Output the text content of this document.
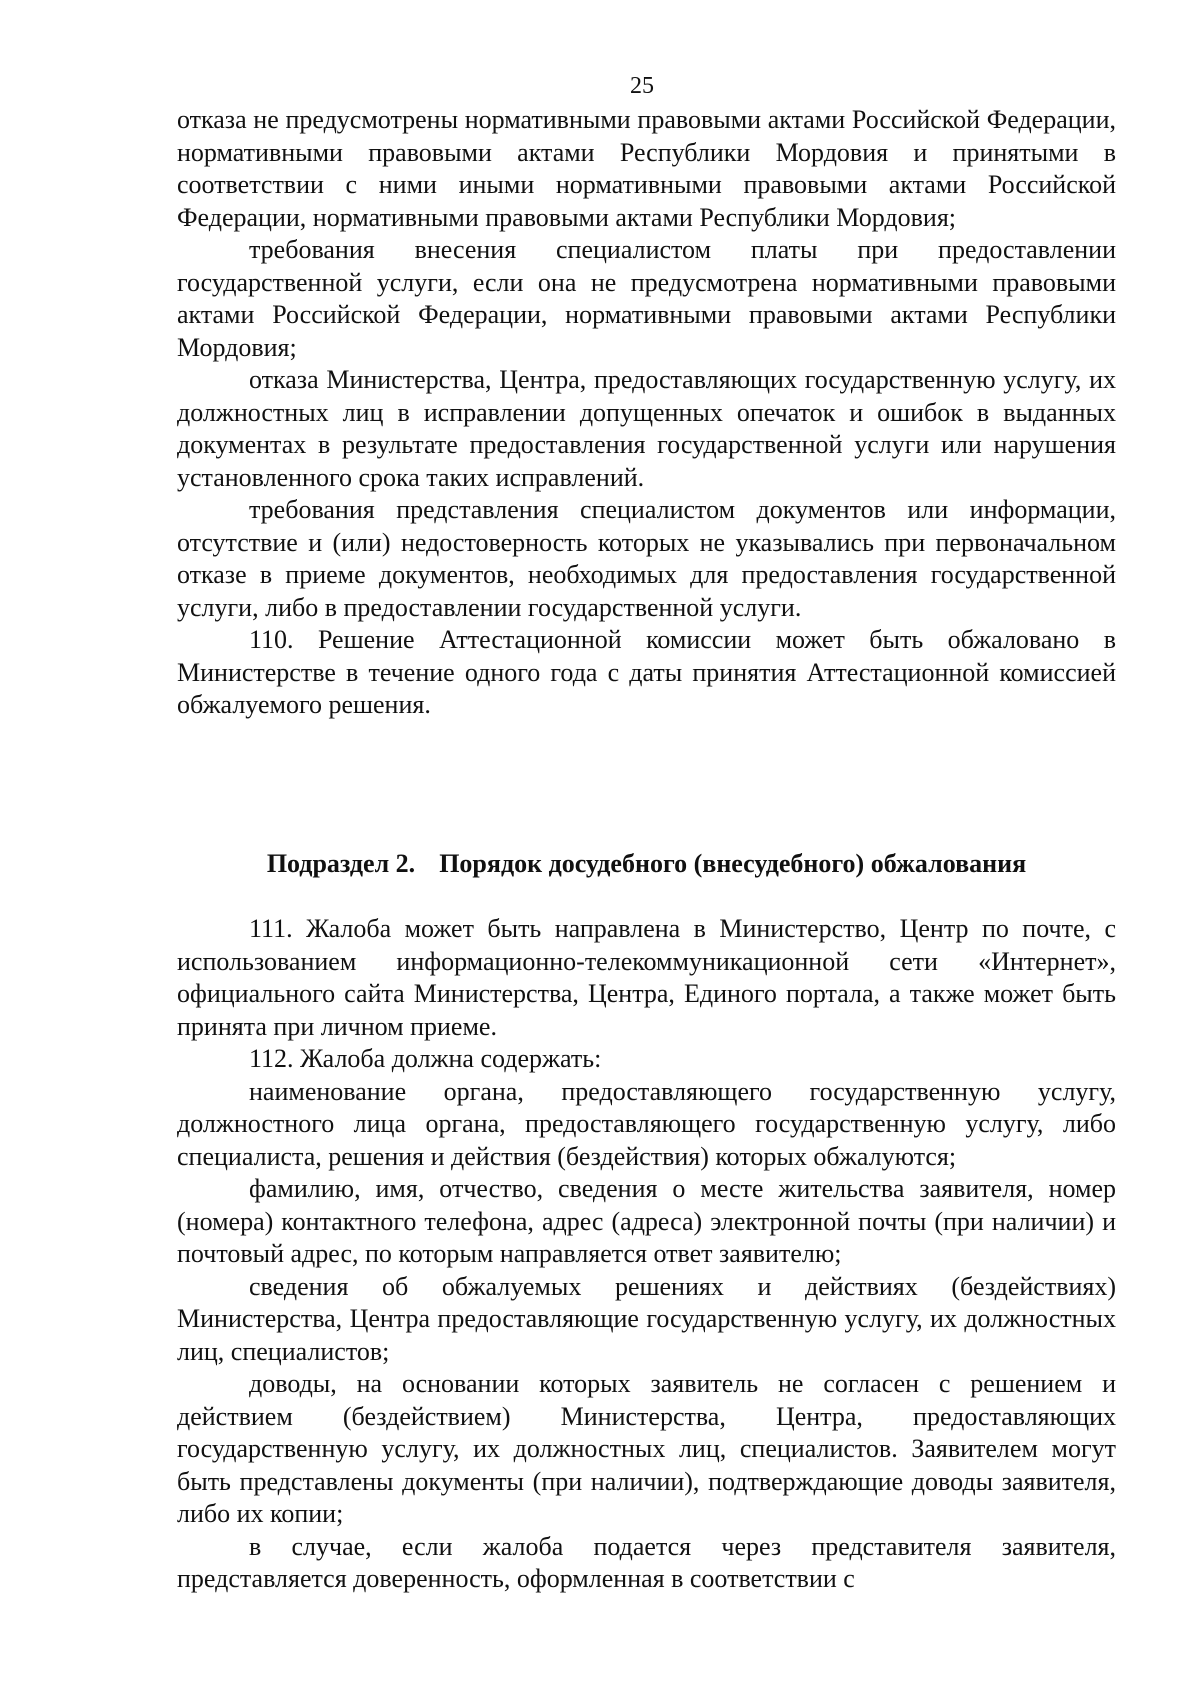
25

отказа не предусмотрены нормативными правовыми актами Российской Федерации, нормативными правовыми актами Республики Мордовия и принятыми в соответствии с ними иными нормативными правовыми актами Российской Федерации, нормативными правовыми актами Республики Мордовия;

требования внесения специалистом платы при предоставлении государственной услуги, если она не предусмотрена нормативными правовыми актами Российской Федерации, нормативными правовыми актами Республики Мордовия;

отказа Министерства, Центра, предоставляющих государственную услугу, их должностных лиц в исправлении допущенных опечаток и ошибок в выданных документах в результате предоставления государственной услуги или нарушения установленного срока таких исправлений.

требования представления специалистом документов или информации, отсутствие и (или) недостоверность которых не указывались при первоначальном отказе в приеме документов, необходимых для предоставления государственной услуги, либо в предоставлении государственной услуги.

110. Решение Аттестационной комиссии может быть обжаловано в Министерстве в течение одного года с даты принятия Аттестационной комиссией обжалуемого решения.

Подраздел 2. Порядок досудебного (внесудебного) обжалования

111. Жалоба может быть направлена в Министерство, Центр по почте, с использованием информационно-телекоммуникационной сети «Интернет», официального сайта Министерства, Центра, Единого портала, а также может быть принята при личном приеме.

112. Жалоба должна содержать:

наименование органа, предоставляющего государственную услугу, должностного лица органа, предоставляющего государственную услугу, либо специалиста, решения и действия (бездействия) которых обжалуются;

фамилию, имя, отчество, сведения о месте жительства заявителя, номер (номера) контактного телефона, адрес (адреса) электронной почты (при наличии) и почтовый адрес, по которым направляется ответ заявителю;

сведения об обжалуемых решениях и действиях (бездействиях) Министерства, Центра предоставляющие государственную услугу, их должностных лиц, специалистов;

доводы, на основании которых заявитель не согласен с решением и действием (бездействием) Министерства, Центра, предоставляющих государственную услугу, их должностных лиц, специалистов. Заявителем могут быть представлены документы (при наличии), подтверждающие доводы заявителя, либо их копии;

в случае, если жалоба подается через представителя заявителя, представляется доверенность, оформленная в соответствии с
